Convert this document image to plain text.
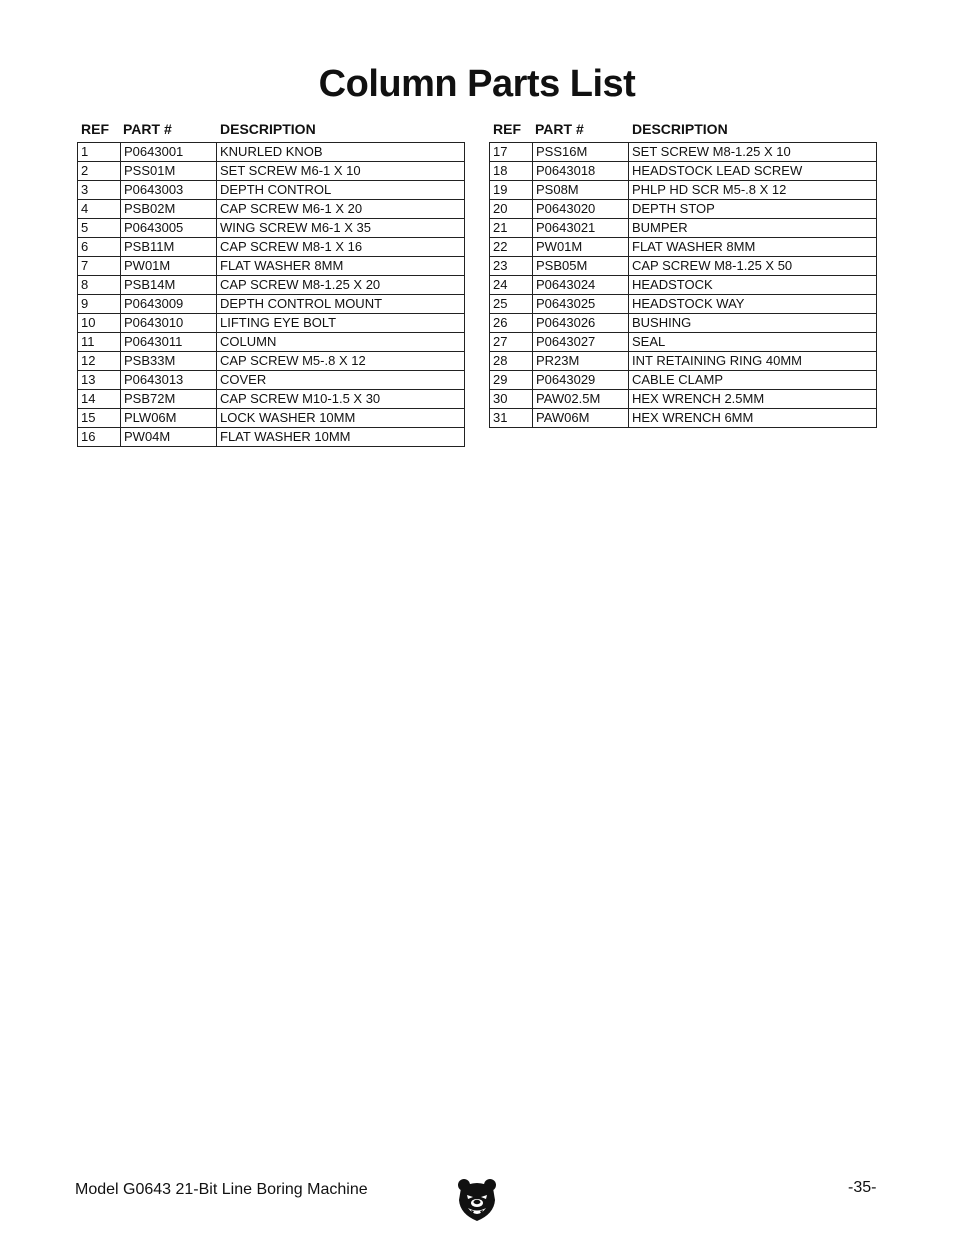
Column Parts List
REF	PART #	DESCRIPTION
1	P0643001	KNURLED KNOB
2	PSS01M	SET SCREW M6-1 X 10
3	P0643003	DEPTH CONTROL
4	PSB02M	CAP SCREW M6-1 X 20
5	P0643005	WING SCREW M6-1 X 35
6	PSB11M	CAP SCREW M8-1 X 16
7	PW01M	FLAT WASHER 8MM
8	PSB14M	CAP SCREW M8-1.25 X 20
9	P0643009	DEPTH CONTROL MOUNT
10	P0643010	LIFTING EYE BOLT
11	P0643011	COLUMN
12	PSB33M	CAP SCREW M5-.8 X 12
13	P0643013	COVER
14	PSB72M	CAP SCREW M10-1.5 X 30
15	PLW06M	LOCK WASHER 10MM
16	PW04M	FLAT WASHER 10MM
REF	PART #	DESCRIPTION
17	PSS16M	SET SCREW M8-1.25 X 10
18	P0643018	HEADSTOCK LEAD SCREW
19	PS08M	PHLP HD SCR M5-.8 X 12
20	P0643020	DEPTH STOP
21	P0643021	BUMPER
22	PW01M	FLAT WASHER 8MM
23	PSB05M	CAP SCREW M8-1.25 X 50
24	P0643024	HEADSTOCK
25	P0643025	HEADSTOCK WAY
26	P0643026	BUSHING
27	P0643027	SEAL
28	PR23M	INT RETAINING RING 40MM
29	P0643029	CABLE CLAMP
30	PAW02.5M	HEX WRENCH 2.5MM
31	PAW06M	HEX WRENCH 6MM
Model G0643 21-Bit Line Boring Machine	-35-
